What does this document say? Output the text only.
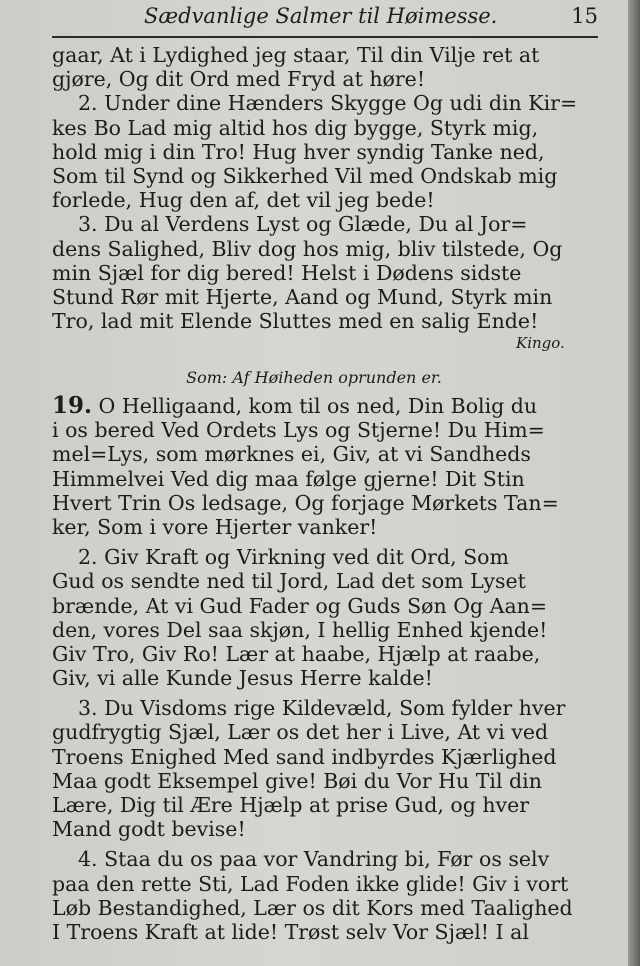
Sædvanlige Salmer til Høimesse.	15
gaar, At i Lydighed jeg staar, Til din Vilje ret at
gjøre, Og dit Ord med Fryd at høre!
2. Under dine Hænders Skygge Og udi din Kir=
kes Bo Lad mig altid hos dig bygge, Styrk mig,
hold mig i din Tro! Hug hver syndig Tanke ned,
Som til Synd og Sikkerhed Vil med Ondskab mig
forlede, Hug den af, det vil jeg bede!
3. Du al Verdens Lyst og Glæde, Du al Jor=
dens Salighed, Bliv dog hos mig, bliv tilstede, Og
min Sjæl for dig bered! Helst i Dødens sidste
Stund Rør mit Hjerte, Aand og Mund, Styrk min
Tro, lad mit Elende Sluttes med en salig Ende!
Kingo.
Som: Af Høiheden oprunden er.
19. O Helligaand, kom til os ned, Din Bolig du
i os bered Ved Ordets Lys og Stjerne! Du Him=
mel=Lys, som mørknes ei, Giv, at vi Sandheds
Himmelvei Ved dig maa følge gjerne! Dit Stin
Hvert Trin Os ledsage, Og forjage Mørkets Tan=
ker, Som i vore Hjerter vanker!
2. Giv Kraft og Virkning ved dit Ord, Som
Gud os sendte ned til Jord, Lad det som Lyset
brænde, At vi Gud Fader og Guds Søn Og Aan=
den, vores Del saa skjøn, I hellig Enhed kjende!
Giv Tro, Giv Ro! Lær at haabe, Hjælp at raabe,
Giv, vi alle Kunde Jesus Herre kalde!
3. Du Visdoms rige Kildevæld, Som fylder hver
gudfrygtig Sjæl, Lær os det her i Live, At vi ved
Troens Enighed Med sand indbyrdes Kjærlighed
Maa godt Eksempel give! Bøi du Vor Hu Til din
Lære, Dig til Ære Hjælp at prise Gud, og hver
Mand godt bevise!
4. Staa du os paa vor Vandring bi, Før os selv
paa den rette Sti, Lad Foden ikke glide! Giv i vort
Løb Bestandighed, Lær os dit Kors med Taalighed
I Troens Kraft at lide! Trøst selv Vor Sjæl! I al
